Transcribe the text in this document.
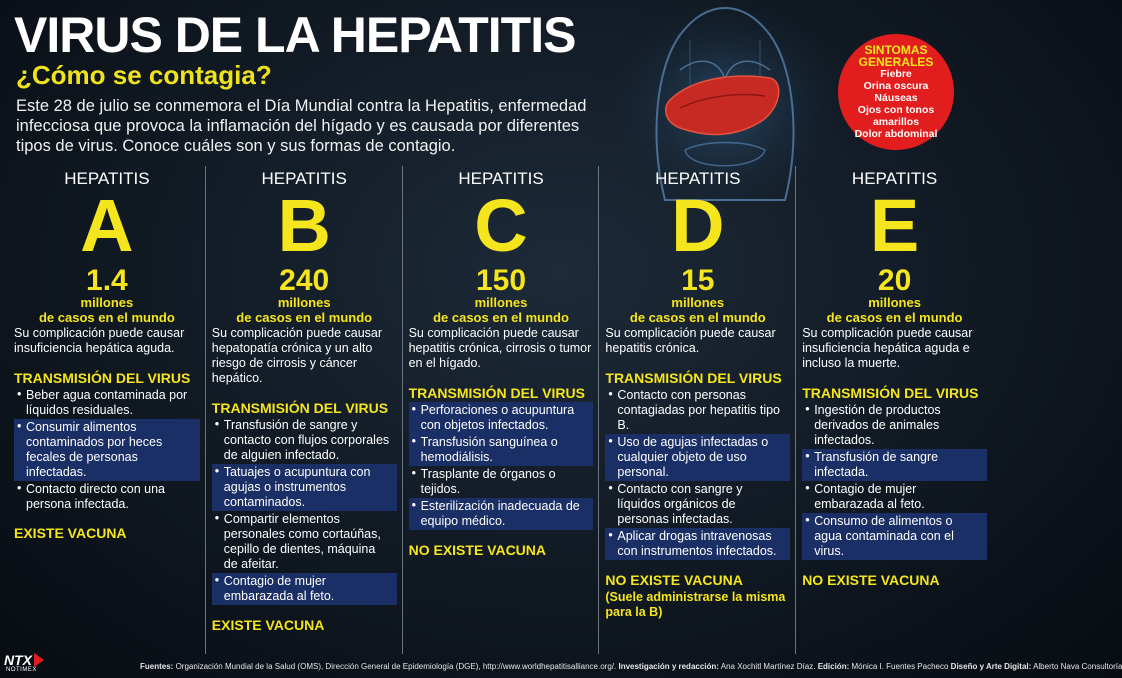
VIRUS DE LA HEPATITIS
¿Cómo se contagia?

Este 28 de julio se conmemora el Día Mundial contra la Hepatitis, enfermedad infecciosa que provoca la inflamación del hígado y es causada por diferentes tipos de virus. Conoce cuáles son y sus formas de contagio.

SINTOMAS GENERALES
Fiebre
Orina oscura
Náuseas
Ojos con tonos amarillos
Dolor abdominal
HEPATITIS
A
1.4
millones
de casos en el mundo

Su complicación puede causar insuficiencia hepática aguda.

TRANSMISIÓN DEL VIRUS
• Beber agua contaminada por líquidos residuales.
• Consumir alimentos contaminados por heces fecales de personas infectadas.
• Contacto directo con una persona infectada.
EXISTE VACUNA
HEPATITIS
B
240
millones
de casos en el mundo

Su complicación puede causar hepatopatía crónica y un alto riesgo de cirrosis y cáncer hepático.

TRANSMISIÓN DEL VIRUS
• Transfusión de sangre y contacto con flujos corporales de alguien infectado.
• Tatuajes o acupuntura con agujas o instrumentos contaminados.
• Compartir elementos personales como cortaúñas, cepillo de dientes, máquina de afeitar.
• Contagio de mujer embarazada al feto.
EXISTE VACUNA
HEPATITIS
C
150
millones
de casos en el mundo

Su complicación puede causar hepatitis crónica, cirrosis o tumor en el hígado.

TRANSMISIÓN DEL VIRUS
• Perforaciones o acupuntura con objetos infectados.
• Transfusión sanguínea o hemodiálisis.
• Trasplante de órganos o tejidos.
• Esterilización inadecuada de equipo médico.
NO EXISTE VACUNA
HEPATITIS
D
15
millones
de casos en el mundo

Su complicación puede causar hepatitis crónica.

TRANSMISIÓN DEL VIRUS
• Contacto con personas contagiadas por hepatitis tipo B.
• Uso de agujas infectadas o cualquier objeto de uso personal.
• Contacto con sangre y líquidos orgánicos de personas infectadas.
• Aplicar drogas intravenosas con instrumentos infectados.
NO EXISTE VACUNA
(Suele administrarse la misma para la B)
HEPATITIS
E
20
millones
de casos en el mundo

Su complicación puede causar insuficiencia hepática aguda e incluso la muerte.

TRANSMISIÓN DEL VIRUS
• Ingestión de productos derivados de animales infectados.
• Transfusión de sangre infectada.
• Contagio de mujer embarazada al feto.
• Consumo de alimentos o agua contaminada con el virus.
NO EXISTE VACUNA
NTX
NOTIMEX	Fuentes: Organización Mundial de la Salud (OMS), Dirección General de Epidemiología (DGE), http://www.worldhepatitisalliance.org/. Investigación y redacción: Ana Xochitl Martínez Díaz. Edición: Mónica I. Fuentes Pacheco Diseño y Arte Digital: Alberto Nava Consultoría
